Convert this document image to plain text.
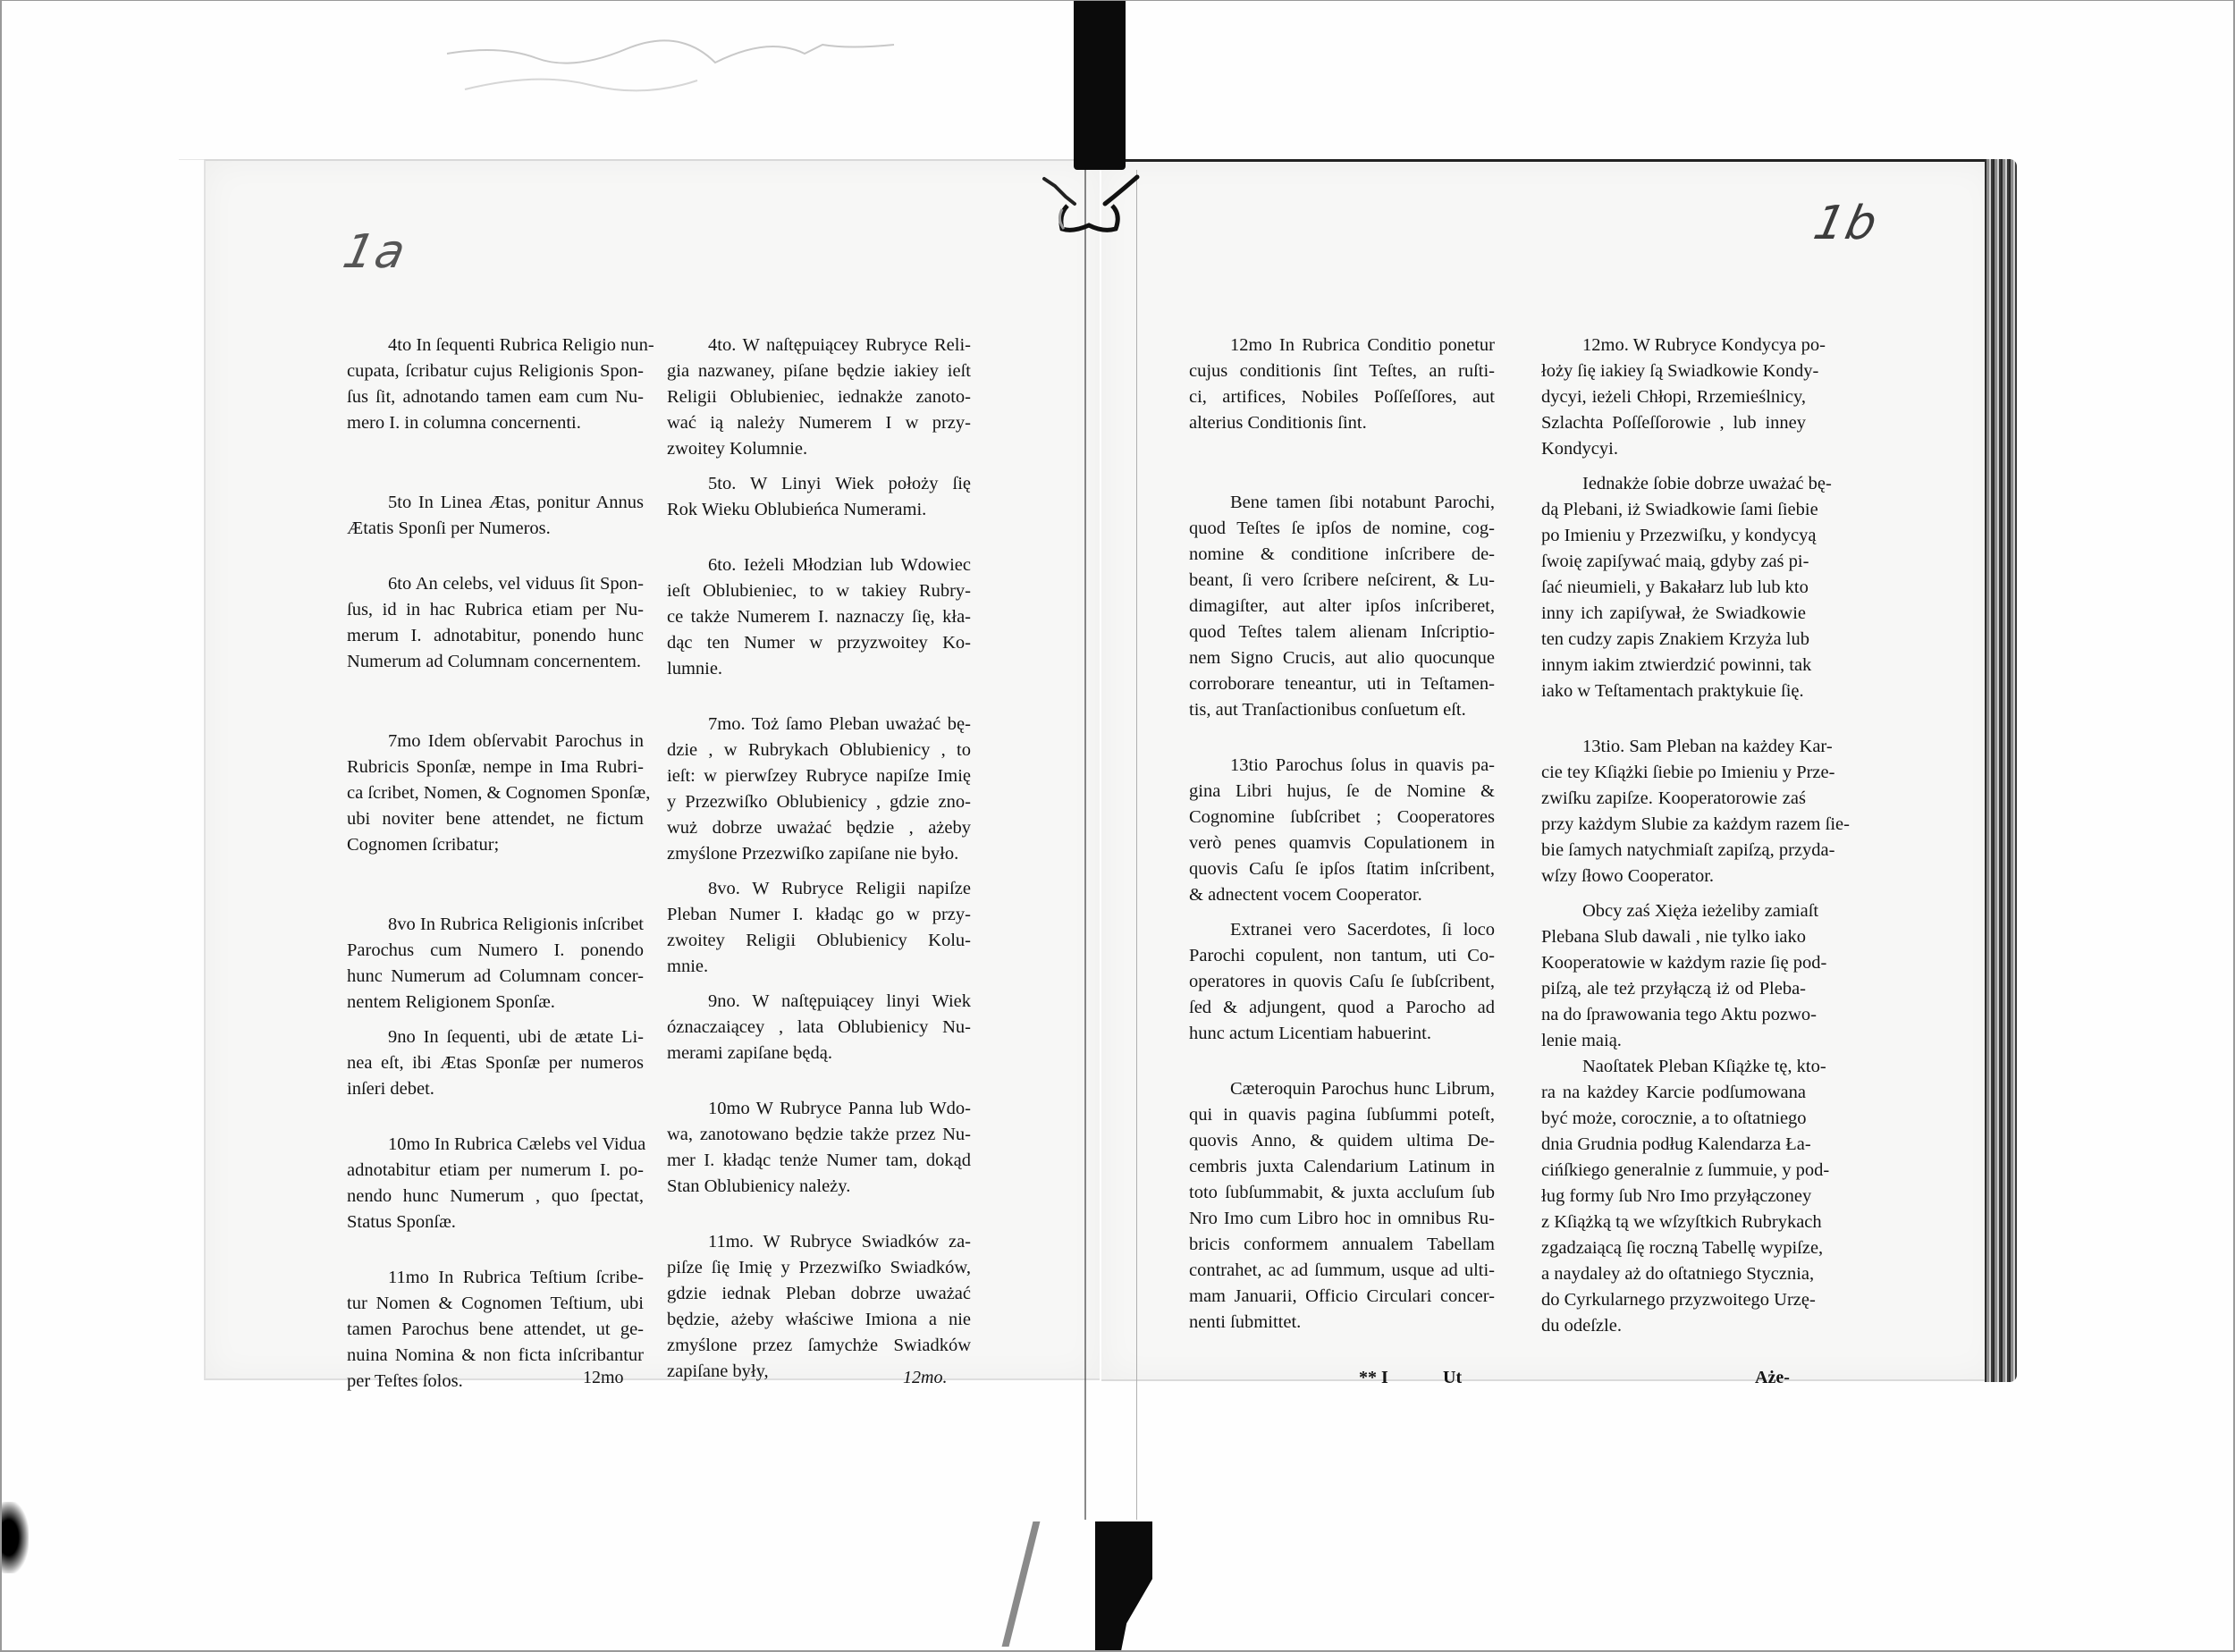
1a
1b
4to In ſequenti Rubrica Religio nun-
cupata, ſcribatur cujus Religionis Spon-
ſus ſit, adnotando tamen eam cum Nu-
mero I. in columna concernenti.
5to In Linea Ætas, ponitur Annus
Ætatis Sponſi per Numeros.
6to An celebs, vel viduus ſit Spon-
ſus, id in hac Rubrica etiam per Nu-
merum I. adnotabitur, ponendo hunc
Numerum ad Columnam concernentem.
7mo Idem obſervabit Parochus in
Rubricis Sponſæ, nempe in Ima Rubri-
ca ſcribet, Nomen, & Cognomen Sponſæ,
ubi noviter bene attendet, ne fictum
Cognomen ſcribatur;
8vo In Rubrica Religionis inſcribet
Parochus cum Numero I. ponendo
hunc Numerum ad Columnam concer-
nentem Religionem Sponſæ.
9no In ſequenti, ubi de ætate Li-
nea eſt, ibi Ætas Sponſæ per numeros
inſeri debet.
10mo In Rubrica Cælebs vel Vidua
adnotabitur etiam per numerum I. po-
nendo hunc Numerum , quo ſpectat,
Status Sponſæ.
11mo In Rubrica Teſtium ſcribe-
tur Nomen & Cognomen Teſtium, ubi
tamen Parochus bene attendet, ut ge-
nuina Nomina & non ficta inſcribantur
per Teſtes ſolos.
4to. W naſtępuiącey Rubryce Reli-
gia nazwaney, piſane będzie iakiey ieſt
Religii Oblubieniec, iednakże zanoto-
wać ią należy Numerem I w przy-
zwoitey Kolumnie.
5to. W Linyi Wiek położy ſię
Rok Wieku Oblubieńca Numerami.
6to. Ieżeli Młodzian lub Wdowiec
ieſt Oblubieniec, to w takiey Rubry-
ce także Numerem I. naznaczy ſię, kła-
dąc ten Numer w przyzwoitey Ko-
lumnie.
7mo. Toż ſamo Pleban uważać bę-
dzie , w Rubrykach Oblubienicy , to
ieſt: w pierwſzey Rubryce napiſze Imię
y Przezwiſko Oblubienicy , gdzie zno-
wuż dobrze uważać będzie , ażeby
zmyślone Przezwiſko zapiſane nie było.
8vo. W Rubryce Religii napiſze
Pleban Numer I. kładąc go w przy-
zwoitey Religii Oblubienicy Kolu-
mnie.
9no. W naſtępuiącey linyi Wiek
óznaczaiącey , lata Oblubienicy Nu-
merami zapiſane będą.
10mo W Rubryce Panna lub Wdo-
wa, zanotowano będzie także przez Nu-
mer I. kładąc tenże Numer tam, dokąd
Stan Oblubienicy należy.
11mo. W Rubryce Swiadków za-
piſze ſię Imię y Przezwiſko Swiadków,
gdzie iednak Pleban dobrze uważać
będzie, ażeby właściwe Imiona a nie
zmyślone przez ſamychże Swiadków
zapiſane były,
12mo In Rubrica Conditio ponetur
cujus conditionis ſint Teſtes, an ruſti-
ci, artifices, Nobiles Poſſeſſores, aut
alterius Conditionis ſint.
Bene tamen ſibi notabunt Parochi,
quod Teſtes ſe ipſos de nomine, cog-
nomine & conditione inſcribere de-
beant, ſi vero ſcribere neſcirent, & Lu-
dimagiſter, aut alter ipſos inſcriberet,
quod Teſtes talem alienam Inſcriptio-
nem Signo Crucis, aut alio quocunque
corroborare teneantur, uti in Teſtamen-
tis, aut Tranſactionibus conſuetum eſt.
13tio Parochus ſolus in quavis pa-
gina Libri hujus, ſe de Nomine &
Cognomine ſubſcribet ; Cooperatores
verò penes quamvis Copulationem in
quovis Caſu ſe ipſos ſtatim inſcribent,
& adnectent vocem Cooperator.
Extranei vero Sacerdotes, ſi loco
Parochi copulent, non tantum, uti Co-
operatores in quovis Caſu ſe ſubſcribent,
ſed & adjungent, quod a Parocho ad
hunc actum Licentiam habuerint.
Cæteroquin Parochus hunc Librum,
qui in quavis pagina ſubſummi poteſt,
quovis Anno, & quidem ultima De-
cembris juxta Calendarium Latinum in
toto ſubſummabit, & juxta accluſum ſub
Nro Imo cum Libro hoc in omnibus Ru-
bricis conformem annualem Tabellam
contrahet, ac ad ſummum, usque ad ulti-
mam Januarii, Officio Circulari concer-
nenti ſubmittet.
12mo. W Rubryce Kondycya po-
łoży ſię iakiey ſą Swiadkowie Kondy-
dycyi, ieżeli Chłopi, Rrzemieślnicy,
Szlachta Poſſeſſorowie , lub inney
Kondycyi.
Iednakże ſobie dobrze uważać bę-
dą Plebani, iż Swiadkowie ſami ſiebie
po Imieniu y Przezwiſku, y kondycyą
ſwoię zapiſywać maią, gdyby zaś pi-
ſać nieumieli, y Bakałarz lub lub kto
inny ich zapiſywał, że Swiadkowie
ten cudzy zapis Znakiem Krzyża lub
innym iakim ztwierdzić powinni, tak
iako w Teſtamentach praktykuie ſię.
13tio. Sam Pleban na każdey Kar-
cie tey Kſiążki ſiebie po Imieniu y Prze-
zwiſku zapiſze. Kooperatorowie zaś
przy każdym Slubie za każdym razem ſie-
bie ſamych natychmiaſt zapiſzą, przyda-
wſzy ſłowo Cooperator.
Obcy zaś Xięża ieżeliby zamiaſt
Plebana Slub dawali , nie tylko iako
Kooperatowie w każdym razie ſię pod-
piſzą, ale też przyłączą iż od Pleba-
na do ſprawowania tego Aktu pozwo-
lenie maią.
Naoſtatek Pleban Kſiążke tę, kto-
ra na każdey Karcie podſumowana
być może, corocznie, a to oſtatniego
dnia Grudnia podług Kalendarza Ła-
cińſkiego generalnie z ſummuie, y pod-
ług formy ſub Nro Imo przyłączoney
z Kſiążką tą we wſzyſtkich Rubrykach
zgadzaiącą ſię roczną Tabellę wypiſze,
a naydaley aż do oſtatniego Stycznia,
do Cyrkularnego przyzwoitego Urzę-
du odeſzle.
12mo	12mo.	** I	Ut	Aże-
